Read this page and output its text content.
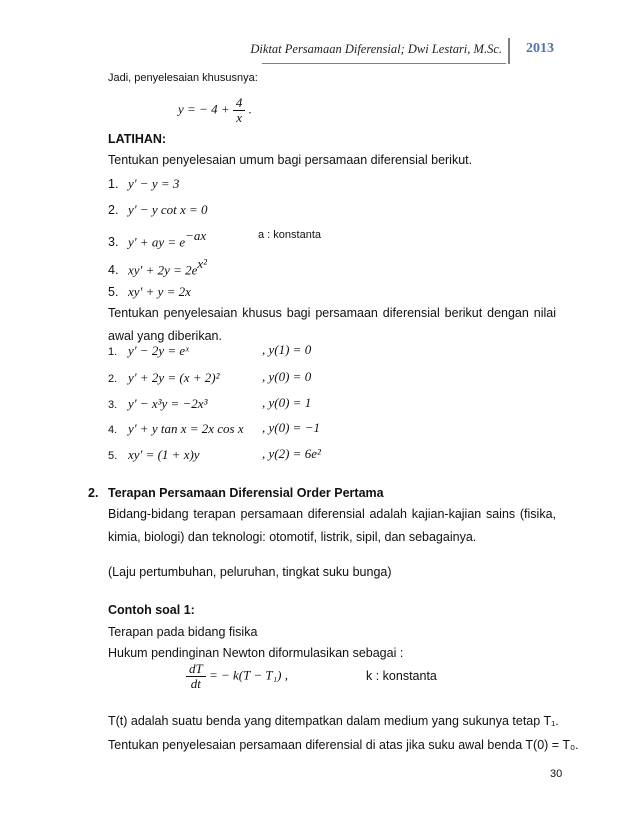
Diktat Persamaan Diferensial; Dwi Lestari, M.Sc. 2013
Jadi, penyelesaian khususnya:
y = − $4 + \frac{4}{x}$ .
LATIHAN:
Tentukan penyelesaian umum bagi persamaan diferensial berikut.
1. y' − y = 3
2. y' − y cot x = 0
3. y' + ay = $e^{-ax}$	a : konstanta
4. $xy' + 2y = 2e^{x^2}$
5. xy' + y = 2x
Tentukan penyelesaian khusus bagi persamaan diferensial berikut dengan nilai awal yang diberikan.
1. y' − 2y = eˣ	, y(1) = 0
2. y' + 2y = (x + 2)²	, y(0) = 0
3. y' − x³y = −2x³	, y(0) = 1
4. y' + y tan x = 2x cos x , y(0) = −1
5. xy' = (1 + x)y	, y(2) = 6e²
2. Terapan Persamaan Diferensial Order Pertama
Bidang-bidang terapan persamaan diferensial adalah kajian-kajian sains (fisika, kimia, biologi) dan teknologi: otomotif, listrik, sipil, dan sebagainya.
(Laju pertumbuhan, peluruhan, tingkat suku bunga)
Contoh soal 1:
Terapan pada bidang fisika
Hukum pendinginan Newton diformulasikan sebagai :
$\frac{dT}{dt}$ = − k(T − T₁) ,	k : konstanta
T(t) adalah suatu benda yang ditempatkan dalam medium yang sukunya tetap T₁.
Tentukan penyelesaian persamaan diferensial di atas jika suku awal benda T(0) = T₀.
30
